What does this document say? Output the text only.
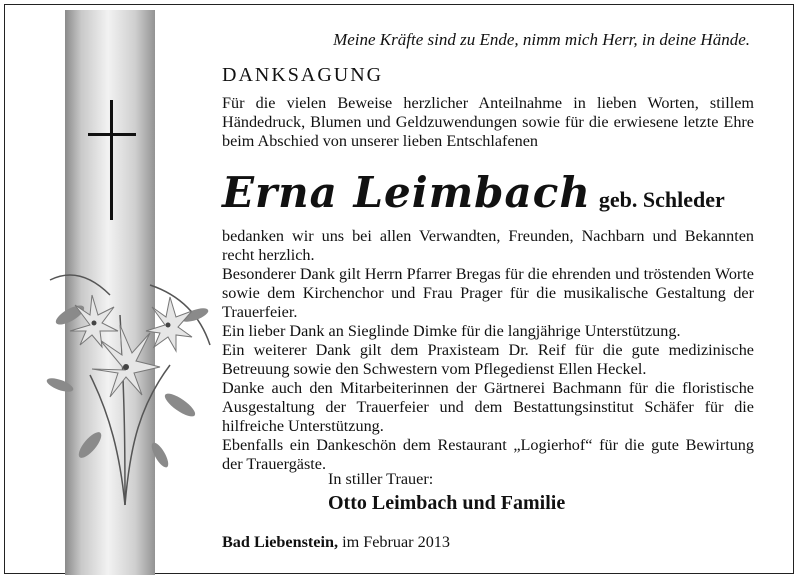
Meine Kräfte sind zu Ende, nimm mich Herr, in deine Hände.
DANKSAGUNG
Für die vielen Beweise herzlicher Anteilnahme in lieben Worten, stillem Händedruck, Blumen und Geldzuwendungen sowie für die erwiesene letzte Ehre beim Abschied von unserer lieben Entschlafenen
Erna Leimbach geb. Schleder

bedanken wir uns bei allen Verwandten, Freunden, Nachbarn und Bekannten recht herzlich.

Besonderer Dank gilt Herrn Pfarrer Bregas für die ehrenden und tröstenden Worte sowie dem Kirchenchor und Frau Prager für die musikalische Gestaltung der Trauerfeier.

Ein lieber Dank an Sieglinde Dimke für die langjährige Unterstützung.

Ein weiterer Dank gilt dem Praxisteam Dr. Reif für die gute medizinische Betreuung sowie den Schwestern vom Pflegedienst Ellen Heckel.

Danke auch den Mitarbeiterinnen der Gärtnerei Bachmann für die floristische Ausgestaltung der Trauerfeier und dem Bestattungsinstitut Schäfer für die hilfreiche Unterstützung.

Ebenfalls ein Dankeschön dem Restaurant „Logierhof“ für die gute Bewirtung der Trauergäste.

In stiller Trauer:
Otto Leimbach und Familie
Bad Liebenstein, im Februar 2013
